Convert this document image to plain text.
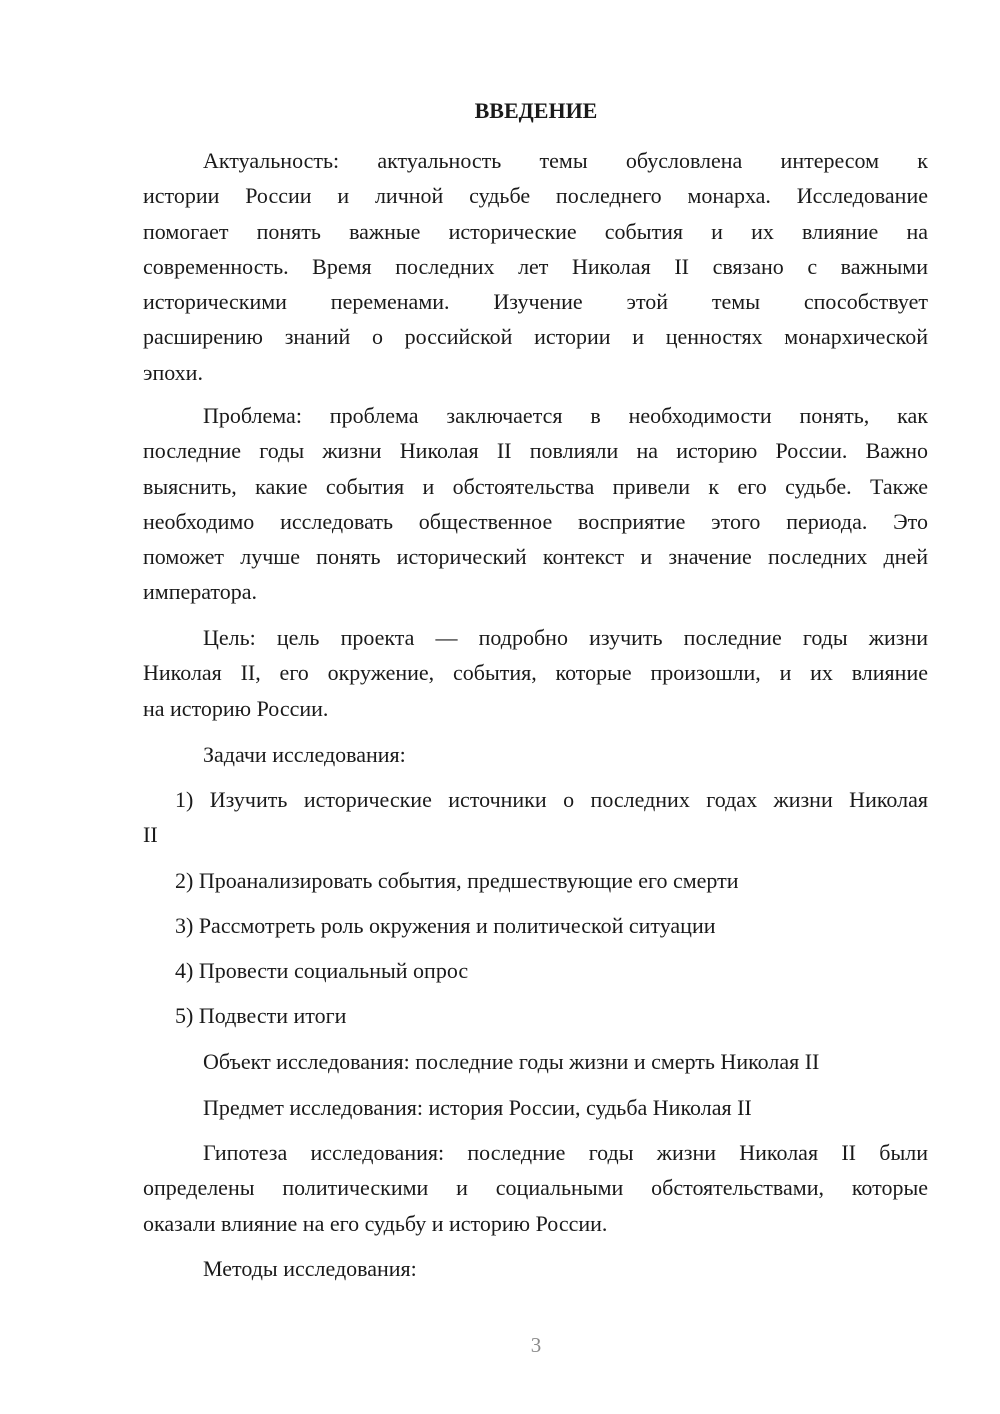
ВВЕДЕНИЕ
Актуальность: актуальность темы обусловлена интересом к
истории России и личной судьбе последнего монарха. Исследование
помогает понять важные исторические события и их влияние на
современность. Время последних лет Николая II связано с важными
историческими переменами. Изучение этой темы способствует
расширению знаний о российской истории и ценностях монархической
эпохи.
Проблема: проблема заключается в необходимости понять, как
последние годы жизни Николая II повлияли на историю России. Важно
выяснить, какие события и обстоятельства привели к его судьбе. Также
необходимо исследовать общественное восприятие этого периода. Это
поможет лучше понять исторический контекст и значение последних дней
императора.
Цель: цель проекта — подробно изучить последние годы жизни
Николая II, его окружение, события, которые произошли, и их влияние
на историю России.
Задачи исследования:
1) Изучить исторические источники о последних годах жизни Николая
II
2) Проанализировать события, предшествующие его смерти
3) Рассмотреть роль окружения и политической ситуации
4) Провести социальный опрос
5) Подвести итоги
Объект исследования: последние годы жизни и смерть Николая II
Предмет исследования: история России, судьба Николая II
Гипотеза исследования: последние годы жизни Николая II были
определены политическими и социальными обстоятельствами, которые
оказали влияние на его судьбу и историю России.
Методы исследования:
3
